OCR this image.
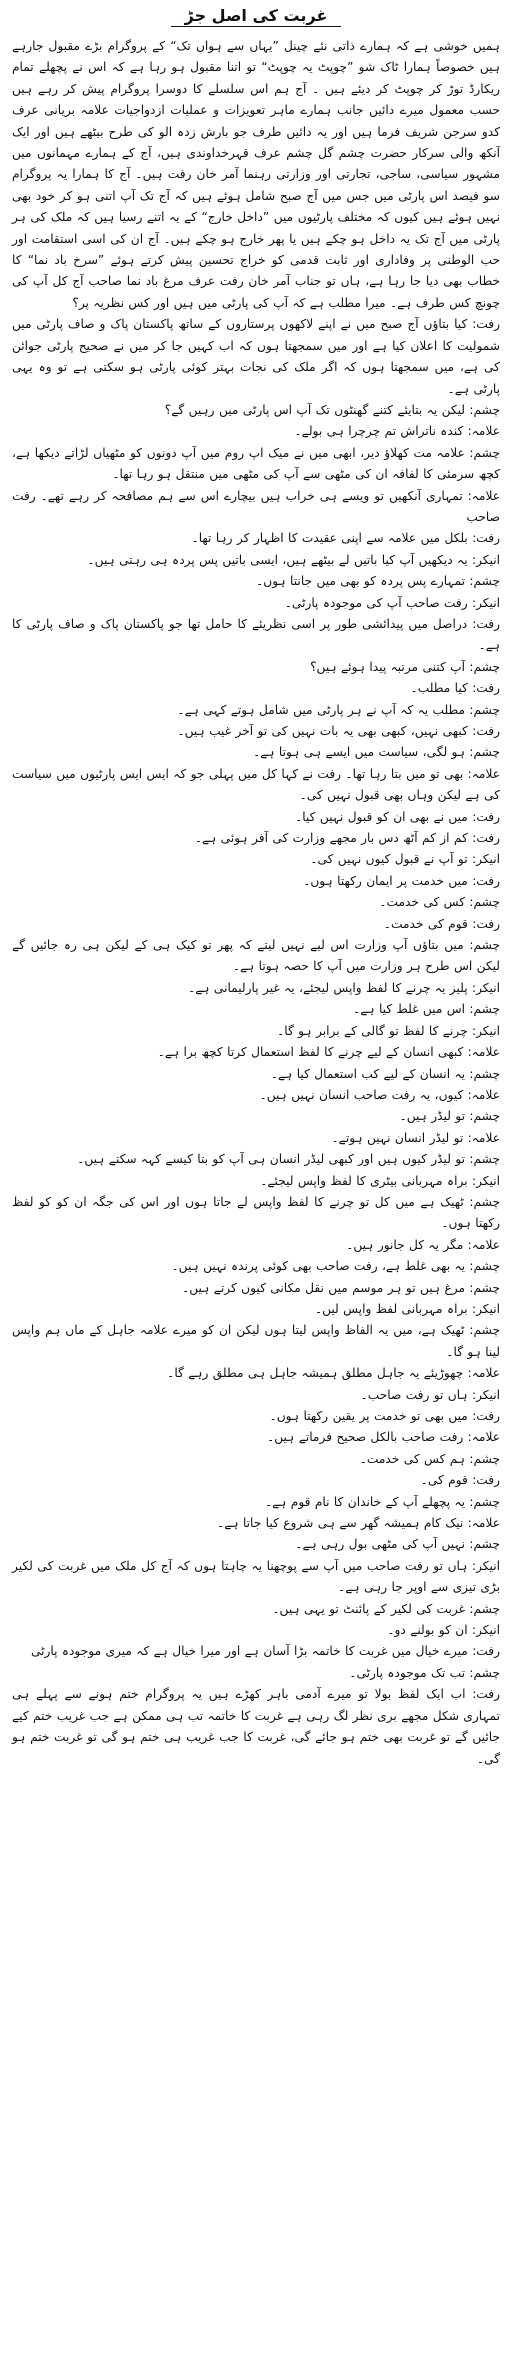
غربت کی اصل جڑ

ہمیں خوشی ہے کہ ہمارے ذاتی نئے چینل ”یہاں سے ہواں تک“ کے پروگرام بڑے مقبول جارہے ہیں خصوصاً ہمارا ٹاک شو ”چوپٹ یہ چوپٹ“ تو اتنا مقبول ہو رہا ہے کہ اس نے پچھلے تمام ریکارڈ توڑ کر چوپٹ کر دیئے ہیں ۔ آج ہم اس سلسلے کا دوسرا پروگرام پیش کر رہے ہیں حسب معمول میرے دائیں جانب ہمارے ماہر تعویزات و عملیات ازدواجیات علامہ بریانی عرف کدو سرجن شریف فرما ہیں اور یہ دائیں طرف جو بارش زدہ الو کی طرح بیٹھے ہیں اور ایک آنکھ والی سرکار حضرت چشم گل چشم عرف قہرخداوندی ہیں، آج کے ہمارے مہمانوں میں مشہور سیاسی، ساجی، تجارتی اور وزارتی رہنما آمر خان رفت ہیں۔ آج کا ہمارا یہ پروگرام سو فیصد اس پارٹی میں جس میں آج صبح شامل ہوئے ہیں کہ آج تک آپ اتنی ہو کر خود بھی نہیں ہوئے ہیں کیوں کہ مختلف پارٹیوں میں ”داخل خارج“ کے یہ اتنے رسیا ہیں کہ ملک کی ہر پارٹی میں آج تک یہ داخل ہو چکے ہیں یا پھر خارج ہو چکے ہیں۔ آج ان کی اسی استقامت اور حب الوطنی پر وفاداری اور ثابت قدمی کو خراج تحسین پیش کرتے ہوئے ”سرخ باد نما“ کا خطاب بھی دیا جا رہا ہے، ہاں تو جناب آمر خان رفت عرف مرغ باد نما صاحب آج کل آپ کی چونچ کس طرف ہے۔ میرا مطلب ہے کہ آپ کی پارٹی میں ہیں اور کس نظریہ پر؟

رفت: کیا بتاؤں آج صبح میں نے اپنے لاکھوں پرستاروں کے ساتھ پاکستان پاک و صاف پارٹی میں شمولیت کا اعلان کیا ہے اور میں سمجھتا ہوں کہ اب کہیں جا کر میں نے صحیح پارٹی جوائن کی ہے، میں سمجھتا ہوں کہ اگر ملک کی نجات بہتر کوئی پارٹی ہو سکتی ہے تو وہ یہی پارٹی ہے۔

چشم: لیکن یہ بتایئے کتنے گھنٹوں تک آپ اس پارٹی میں رہیں گے؟

علامہ: کندہ ناتراش تم چرچرا ہی بولے۔

چشم: علامہ مت کھلاؤ دیر، ابھی میں نے میک اپ روم میں آپ دونوں کو مٹھیاں لڑاتے دیکھا ہے، کچھ سرمئی کا لفافہ ان کی مٹھی سے آپ کی مٹھی میں منتقل ہو رہا تھا۔

علامہ: تمہاری آنکھیں تو ویسے ہی خراب ہیں بیچارے اس سے ہم مصافحہ کر رہے تھے۔ رفت صاحب

رفت: بلکل میں علامہ سے اپنی عقیدت کا اظہار کر رہا تھا۔

انیکر: یہ دیکھیں آپ کیا باتیں لے بیٹھے ہیں، ایسی باتیں پس پردہ ہی رہتی ہیں۔

چشم: تمہارے پس پردہ کو بھی میں جانتا ہوں۔

انیکر: رفت صاحب آپ کی موجودہ پارٹی۔

رفت: دراصل میں پیدائشی طور پر اسی نظریئے کا حامل تھا جو پاکستان پاک و صاف پارٹی کا ہے۔

چشم: آپ کتنی مرتبہ پیدا ہوئے ہیں؟

رفت: کیا مطلب۔

چشم: مطلب یہ کہ آپ نے ہر پارٹی میں شامل ہوتے کہی ہے۔

رفت: کبھی نہیں، کبھی بھی یہ بات نہیں کی تو آخر غیب ہیں۔

چشم: ہو لگی، سیاست میں ایسے ہی ہوتا ہے۔

علامہ: بھی تو میں بتا رہا تھا۔ رفت نے کہا کل میں پہلی جو کہ ایس ایس پارٹیوں میں سیاست کی ہے لیکن وہاں بھی قبول نہیں کی۔

رفت: میں نے بھی ان کو قبول نہیں کیا۔

رفت: کم از کم آٹھ دس بار مجھے وزارت کی آفر ہوئی ہے۔

انیکر: تو آپ نے قبول کیوں نہیں کی۔

رفت: میں خدمت پر ایمان رکھتا ہوں۔

چشم: کس کی خدمت۔

رفت: قوم کی خدمت۔

چشم: میں بتاؤں آپ وزارت اس لیے نہیں لیتے کہ پھر تو کیک ہی کے لیکن ہی رہ جائیں گے لیکن اس طرح ہر وزارت میں آپ کا حصہ ہوتا ہے۔

انیکر: پلیز یہ چرنے کا لفظ واپس لیجئے، یہ غیر پارلیمانی ہے۔

چشم: اس میں غلط کیا ہے۔

انیکر: چرنے کا لفظ تو گالی کے برابر ہو گا۔

علامہ: کبھی انسان کے لیے چرنے کا لفظ استعمال کرتا کچھ برا ہے۔

چشم: یہ انسان کے لیے کب استعمال کیا ہے۔

علامہ: کیوں، یہ رفت صاحب انسان نہیں ہیں۔

چشم: تو لیڈر ہیں۔

علامہ: تو لیڈر انسان نہیں ہوتے۔

چشم: تو لیڈر کیوں ہیں اور کبھی لیڈر انسان ہی آپ کو بتا کیسے کہہ سکتے ہیں۔

انیکر: براہ مہربانی بیٹری کا لفظ واپس لیجئے۔

چشم: ٹھیک ہے میں کل تو چرنے کا لفظ واپس لے جاتا ہوں اور اس کی جگہ ان کو کو لفظ رکھتا ہوں۔

علامہ: مگر یہ کل جانور ہیں۔

چشم: یہ بھی غلط ہے، رفت صاحب بھی کوئی پرندہ نہیں ہیں۔

چشم: مرغ ہیں تو ہر موسم میں نقل مکانی کیوں کرتے ہیں۔

انیکر: براہ مہربانی لفظ واپس لیں۔

چشم: ٹھیک ہے، میں یہ الفاظ واپس لیتا ہوں لیکن ان کو میرے علامہ جاہل کے ماں ہم واپس لینا ہو گا۔

علامہ: چھوڑیئے یہ جاہل مطلق ہمیشہ جاہل ہی مطلق رہے گا۔

انیکر: ہاں تو رفت صاحب۔

رفت: میں بھی تو خدمت پر یقین رکھتا ہوں۔

علامہ: رفت صاحب بالکل صحیح فرماتے ہیں۔

چشم: ہم کس کی خدمت۔

رفت: قوم کی۔

چشم: یہ پچھلے آپ کے خاندان کا نام قوم ہے۔

علامہ: نیک کام ہمیشہ گھر سے ہی شروع کیا جاتا ہے۔

چشم: نہیں آپ کی مٹھی بول رہی ہے۔

انیکر: ہاں تو رفت صاحب میں آپ سے پوچھنا یہ چاہتا ہوں کہ آج کل ملک میں غربت کی لکیر بڑی تیزی سے اوپر جا رہی ہے۔

چشم: غربت کی لکیر کے پائنٹ تو یہی ہیں۔

انیکر: ان کو بولنے دو۔

رفت: میرے خیال میں غربت کا خاتمہ بڑا آسان ہے اور میرا خیال ہے کہ میری موجودہ پارٹی

چشم: تب تک موجودہ پارٹی۔

رفت: اب ایک لفظ بولا تو میرے آدمی باہر کھڑے ہیں یہ پروگرام ختم ہونے سے پہلے ہی تمہاری شکل مجھے بری نظر لگ رہی ہے غربت کا خاتمہ تب ہی ممکن ہے جب غریب ختم کیے جائیں گے تو غربت بھی ختم ہو جائے گی، غربت کا جب غریب ہی ختم ہو گی تو غربت ختم ہو گی۔
